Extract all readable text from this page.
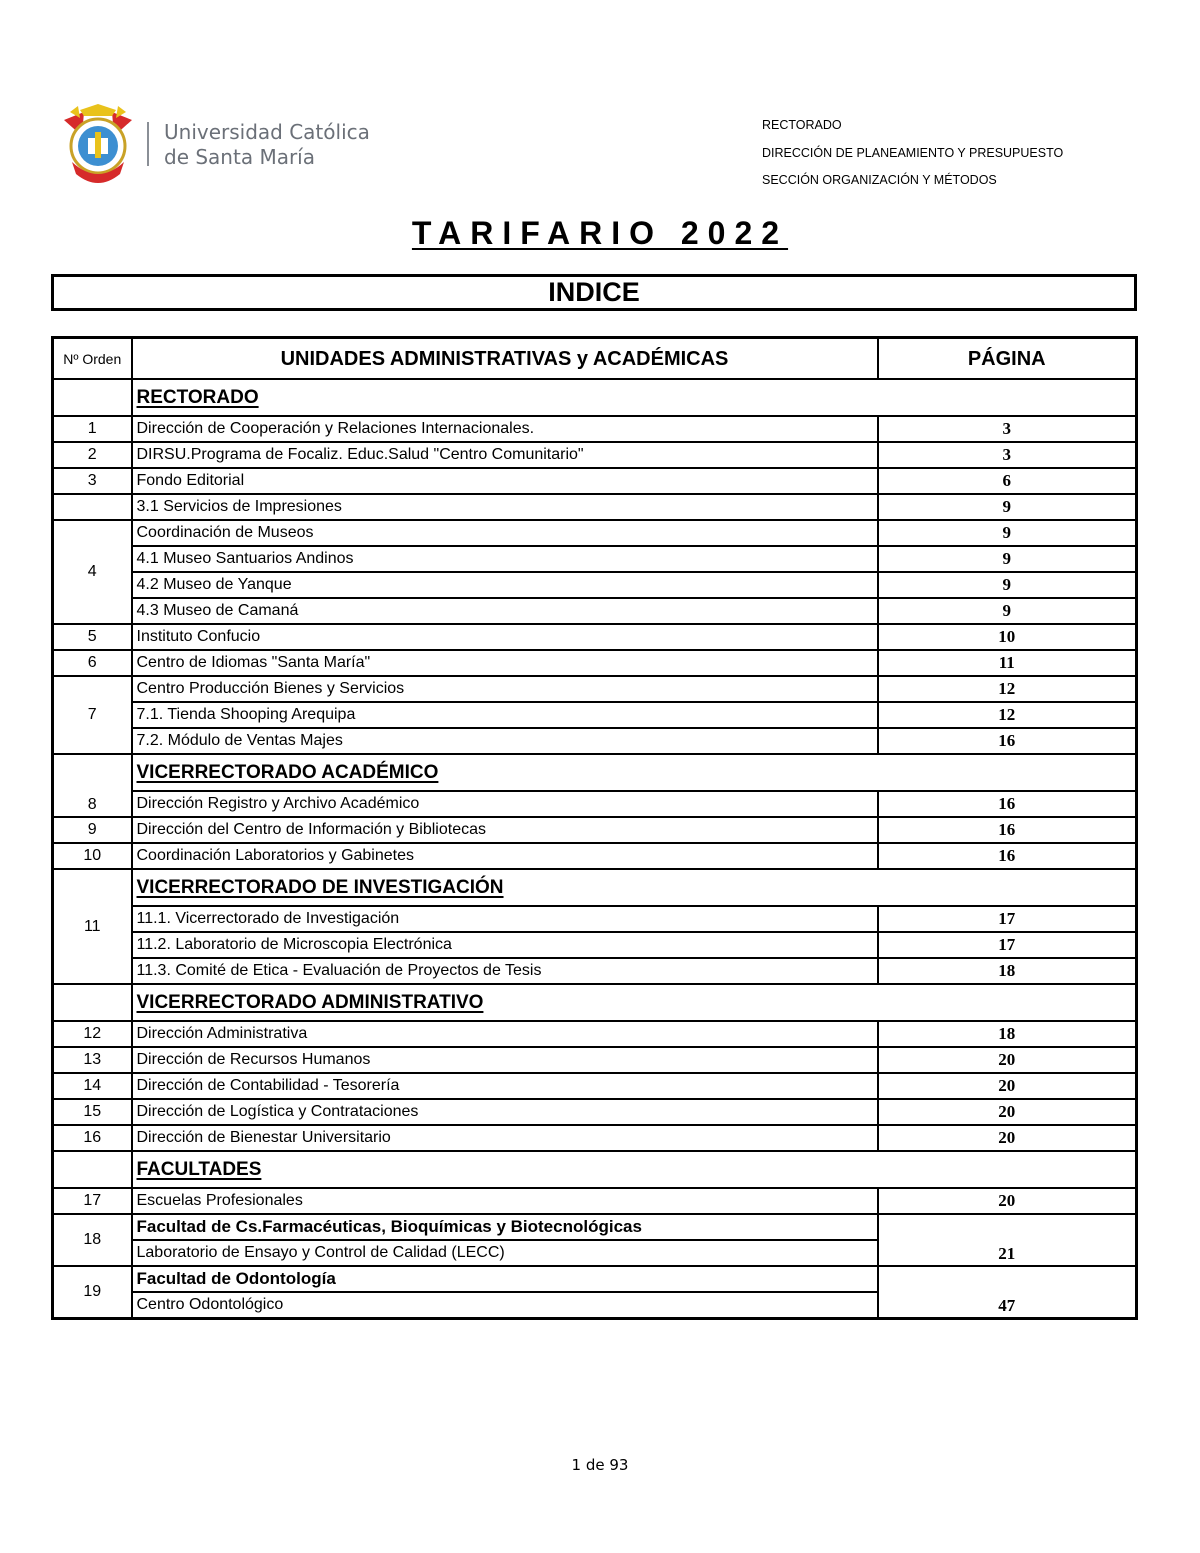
Universidad Católica
de Santa María
RECTORADO
DIRECCIÓN DE PLANEAMIENTO Y PRESUPUESTO
SECCIÓN ORGANIZACIÓN Y MÉTODOS
TARIFARIO 2022
INDICE
Nº Orden	UNIDADES ADMINISTRATIVAS y ACADÉMICAS	PÁGINA
	RECTORADO	
1	Dirección de Cooperación y Relaciones Internacionales.	3
2	DIRSU.Programa de Focaliz. Educ.Salud "Centro Comunitario"	3
3	Fondo Editorial	6
	3.1 Servicios de Impresiones	9
4	Coordinación de Museos	9
	4.1 Museo Santuarios Andinos	9
	4.2 Museo de Yanque	9
	4.3 Museo de Camaná	9
5	Instituto Confucio	10
6	Centro de Idiomas "Santa María"	11
7	Centro Producción Bienes y Servicios	12
	7.1. Tienda Shooping Arequipa	12
	7.2. Módulo de Ventas Majes	16
8	VICERRECTORADO ACADÉMICO	
	Dirección Registro y Archivo Académico	16
9	Dirección del Centro de Información y Bibliotecas	16
10	Coordinación Laboratorios y Gabinetes	16
11	VICERRECTORADO DE INVESTIGACIÓN	
	11.1. Vicerrectorado de Investigación	17
	11.2. Laboratorio de Microscopia Electrónica	17
	11.3. Comité de Etica - Evaluación de Proyectos de Tesis	18
	VICERRECTORADO ADMINISTRATIVO	
12	Dirección Administrativa	18
13	Dirección de Recursos Humanos	20
14	Dirección de Contabilidad - Tesorería	20
15	Dirección de Logística y Contrataciones	20
16	Dirección de Bienestar Universitario	20
	FACULTADES	
17	Escuelas Profesionales	20
18	Facultad de Cs.Farmacéuticas, Bioquímicas y Biotecnológicas	21
	Laboratorio de Ensayo y Control de Calidad (LECC)	
19	Facultad de Odontología	47
	Centro Odontológico	
1 de 93
